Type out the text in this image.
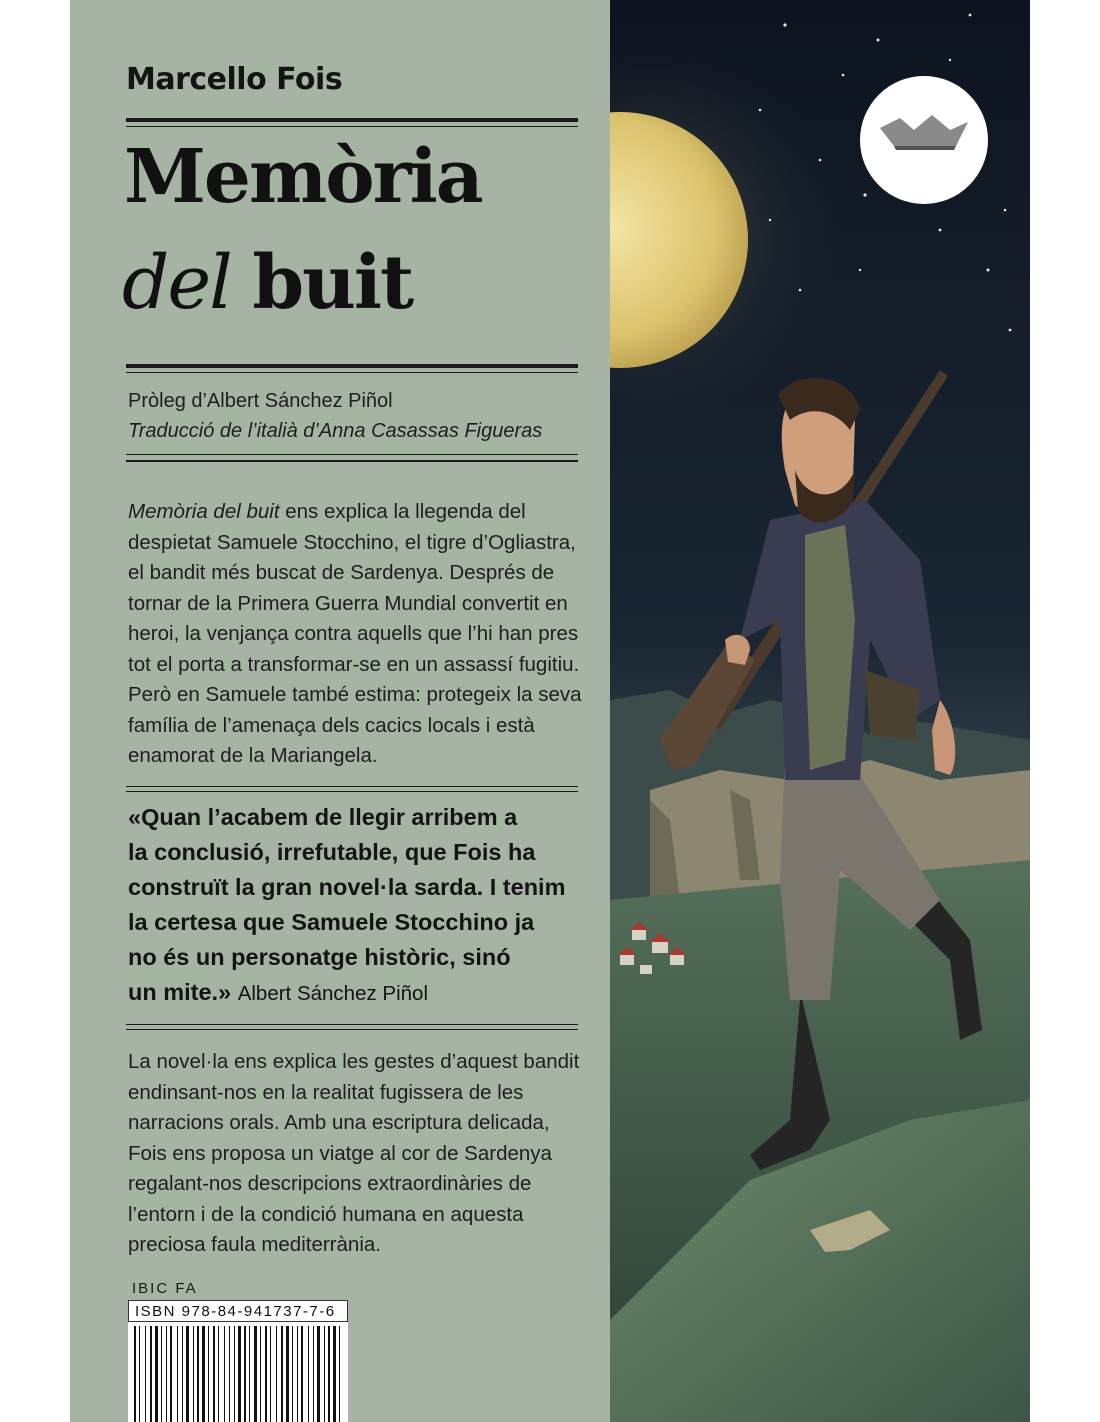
Marcello Fois
Memòria
del buit
Pròleg d’Albert Sánchez Piñol
Traducció de l’italià d’Anna Casassas Figueras
Memòria del buit ens explica la llegenda del
despietat Samuele Stocchino, el tigre d’Ogliastra,
el bandit més buscat de Sardenya. Després de
tornar de la Primera Guerra Mundial convertit en
heroi, la venjança contra aquells que l’hi han pres
tot el porta a transformar-se en un assassí fugitiu.
Però en Samuele també estima: protegeix la seva
família de l’amenaça dels cacics locals i està
enamorat de la Mariangela.
«Quan l’acabem de llegir arribem a
la conclusió, irrefutable, que Fois ha
construït la gran novel·la sarda. I tenim
la certesa que Samuele Stocchino ja
no és un personatge històric, sinó
un mite.» Albert Sánchez Piñol
La novel·la ens explica les gestes d’aquest bandit
endinsant-nos en la realitat fugissera de les
narracions orals. Amb una escriptura delicada,
Fois ens proposa un viatge al cor de Sardenya
regalant-nos descripcions extraordinàries de
l’entorn i de la condició humana en aquesta
preciosa faula mediterrània.
IBIC FA
ISBN 978-84-941737-7-6
